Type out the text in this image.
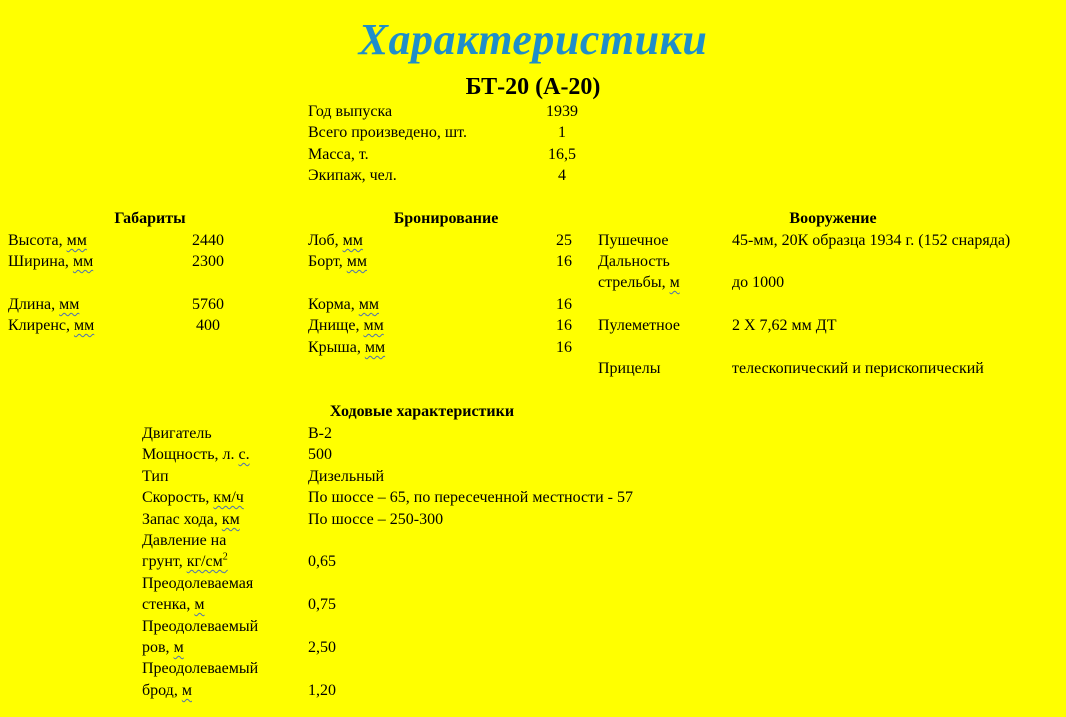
Характеристики
БТ-20 (А-20)
Год выпуска	1939
Всего произведено, шт.	1
Масса, т.	16,5
Экипаж, чел.	4
Габариты
Высота, мм	2440
Ширина, мм	2300
Длина, мм	5760
Клиренс, мм	400
Бронирование
Лоб, мм	25
Борт, мм	16
Корма, мм	16
Днище, мм	16
Крыша, мм	16
Вооружение
Пушечное	45-мм, 20К образца 1934 г. (152 снаряда)
Дальность
стрельбы, м	до 1000
Пулеметное	2 Х 7,62 мм ДТ
Прицелы	телескопический и перископический
Ходовые характеристики
Двигатель	В-2
Мощность, л. с.	500
Тип	Дизельный
Скорость, км/ч	По шоссе – 65, по пересеченной местности - 57
Запас хода, км	По шоссе – 250-300
Давление на
грунт, $кг/см^2$	0,65
Преодолеваемая
стенка, м	0,75
Преодолеваемый
ров, м	2,50
Преодолеваемый
брод, м	1,20
